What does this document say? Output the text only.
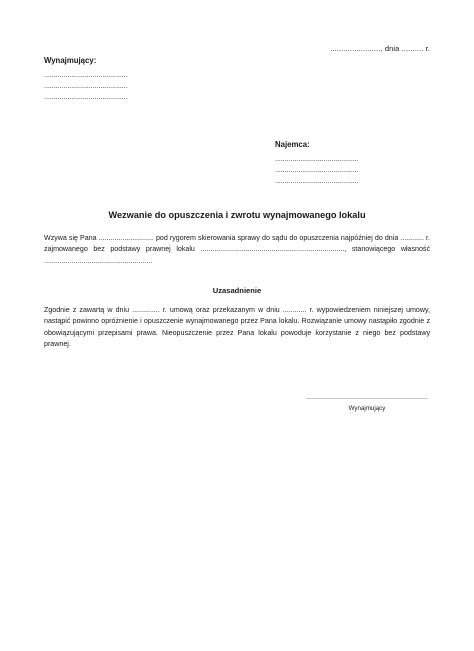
......................., dnia .......... r.
Wynajmujący:
...........................................
...........................................
...........................................
Najemca:
...........................................
...........................................
...........................................
Wezwanie do opuszczenia i zwrotu wynajmowanego lokalu
Wzywa się Pana ............................ pod rygorem skierowania sprawy do sądu do opuszczenia najpóźniej do dnia ............ r. zajmowanego bez podstawy prawnej lokalu ........................................................................., stanowiącego własność .......................................................
Uzasadnienie
Zgodnie z zawartą w dniu .............. r. umową oraz przekazanym w dniu ............ r. wypowiedzeniem niniejszej umowy, nastąpić powinno opróżnienie i opuszczenie wynajmowanego przez Pana lokalu. Rozwiązanie umowy nastąpiło zgodnie z obowiązującymi przepisami prawa. Nieopuszczenie przez Pana lokalu powoduje korzystanie z niego bez podstawy prawnej.
Wynajmujący
